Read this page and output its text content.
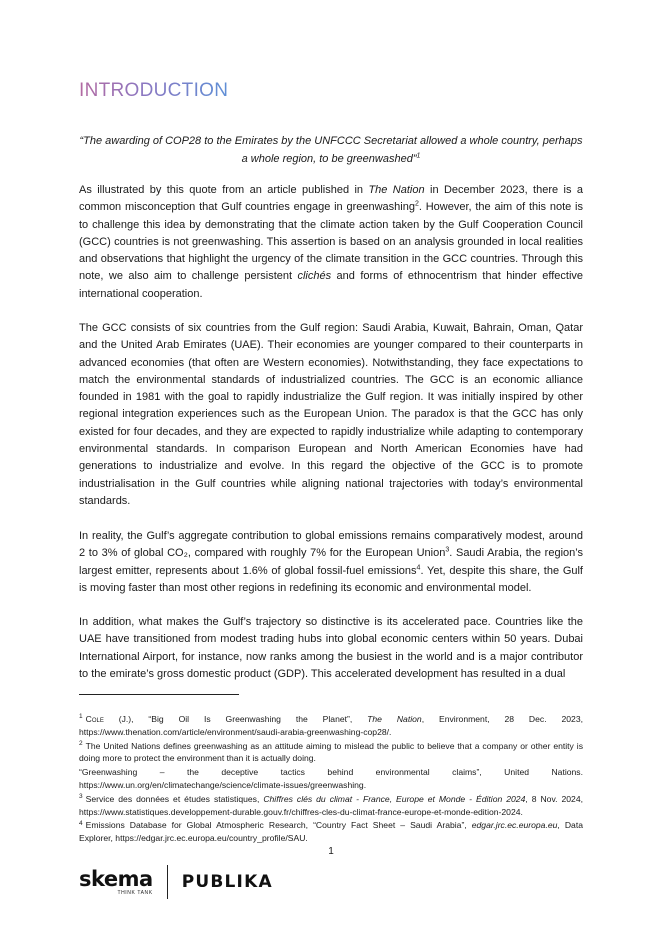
INTRODUCTION
“The awarding of COP28 to the Emirates by the UNFCCC Secretariat allowed a whole country, perhaps a whole region, to be greenwashed”$^1$

As illustrated by this quote from an article published in The Nation in December 2023, there is a common misconception that Gulf countries engage in greenwashing$^2$. However, the aim of this note is to challenge this idea by demonstrating that the climate action taken by the Gulf Cooperation Council (GCC) countries is not greenwashing. This assertion is based on an analysis grounded in local realities and observations that highlight the urgency of the climate transition in the GCC countries. Through this note, we also aim to challenge persistent clichés and forms of ethnocentrism that hinder effective international cooperation.

The GCC consists of six countries from the Gulf region: Saudi Arabia, Kuwait, Bahrain, Oman, Qatar and the United Arab Emirates (UAE). Their economies are younger compared to their counterparts in advanced economies (that often are Western economies). Notwithstanding, they face expectations to match the environmental standards of industrialized countries. The GCC is an economic alliance founded in 1981 with the goal to rapidly industrialize the Gulf region. It was initially inspired by other regional integration experiences such as the European Union. The paradox is that the GCC has only existed for four decades, and they are expected to rapidly industrialize while adapting to contemporary environmental standards. In comparison European and North American Economies have had generations to industrialize and evolve. In this regard the objective of the GCC is to promote industrialisation in the Gulf countries while aligning national trajectories with today’s environmental standards.

In reality, the Gulf’s aggregate contribution to global emissions remains comparatively modest, around 2 to 3% of global CO₂, compared with roughly 7% for the European Union$^3$. Saudi Arabia, the region’s largest emitter, represents about 1.6% of global fossil-fuel emissions$^4$. Yet, despite this share, the Gulf is moving faster than most other regions in redefining its economic and environmental model.

In addition, what makes the Gulf’s trajectory so distinctive is its accelerated pace. Countries like the UAE have transitioned from modest trading hubs into global economic centers within 50 years. Dubai International Airport, for instance, now ranks among the busiest in the world and is a major contributor to the emirate’s gross domestic product (GDP). This accelerated development has resulted in a dual

$^1$ Cole (J.), “Big Oil Is Greenwashing the Planet”, The Nation, Environment, 28 Dec. 2023, https://www.thenation.com/article/environment/saudi-arabia-greenwashing-cop28/.

$^2$ The United Nations defines greenwashing as an attitude aiming to mislead the public to believe that a company or other entity is doing more to protect the environment than it is actually doing.

“Greenwashing – the deceptive tactics behind environmental claims”, United Nations. https://www.un.org/en/climatechange/science/climate-issues/greenwashing.

$^3$ Service des données et études statistiques, Chiffres clés du climat - France, Europe et Monde - Édition 2024, 8 Nov. 2024, https://www.statistiques.developpement-durable.gouv.fr/chiffres-cles-du-climat-france-europe-et-monde-edition-2024.

$^4$ Emissions Database for Global Atmospheric Research, “Country Fact Sheet – Saudi Arabia”, edgar.jrc.ec.europa.eu, Data Explorer, https://edgar.jrc.ec.europa.eu/country_profile/SAU.

1
skema
THINK TANK
PUBLIKA
